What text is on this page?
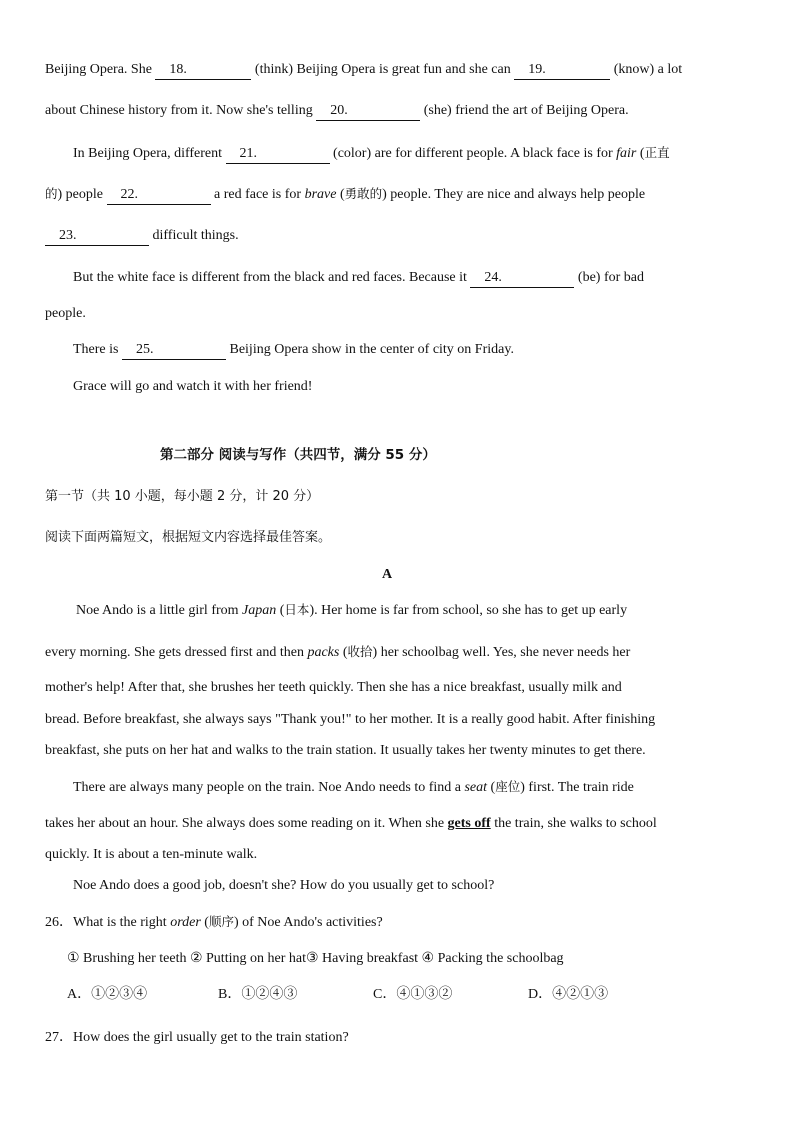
Beijing Opera. She 18.	(think) Beijing Opera is great fun and she can 19.	(know) a lot
about Chinese history from it. Now she's telling 20.	(she) friend the art of Beijing Opera.
In Beijing Opera, different 21.	(color) are for different people. A black face is for fair (正直
的) people 22.	a red face is for brave (勇敢的) people. They are nice and always help people
23.	difficult things.
But the white face is different from the black and red faces. Because it 24.	(be) for bad
people.
There is 25.	Beijing Opera show in the center of city on Friday.
Grace will go and watch it with her friend!
第二部分 阅读与写作（共四节，满分 55 分）
第一节（共 10 小题，每小题 2 分，计 20 分）
阅读下面两篇短文，根据短文内容选择最佳答案。
A
Noe Ando is a little girl from Japan (日本). Her home is far from school, so she has to get up early
every morning. She gets dressed first and then packs (收拾) her schoolbag well. Yes, she never needs her
mother's help! After that, she brushes her teeth quickly. Then she has a nice breakfast, usually milk and
bread. Before breakfast, she always says "Thank you!" to her mother. It is a really good habit. After finishing
breakfast, she puts on her hat and walks to the train station. It usually takes her twenty minutes to get there.
There are always many people on the train. Noe Ando needs to find a seat (座位) first. The train ride
takes her about an hour. She always does some reading on it. When she gets off the train, she walks to school
quickly. It is about a ten-minute walk.
Noe Ando does a good job, doesn't she? How do you usually get to school?
26．What is the right order (顺序) of Noe Ando's activities?
① Brushing her teeth ② Putting on her hat③ Having breakfast ④ Packing the schoolbag
A．①②③④	B．①②④③	C．④①③②	D．④②①③
27．How does the girl usually get to the train station?
